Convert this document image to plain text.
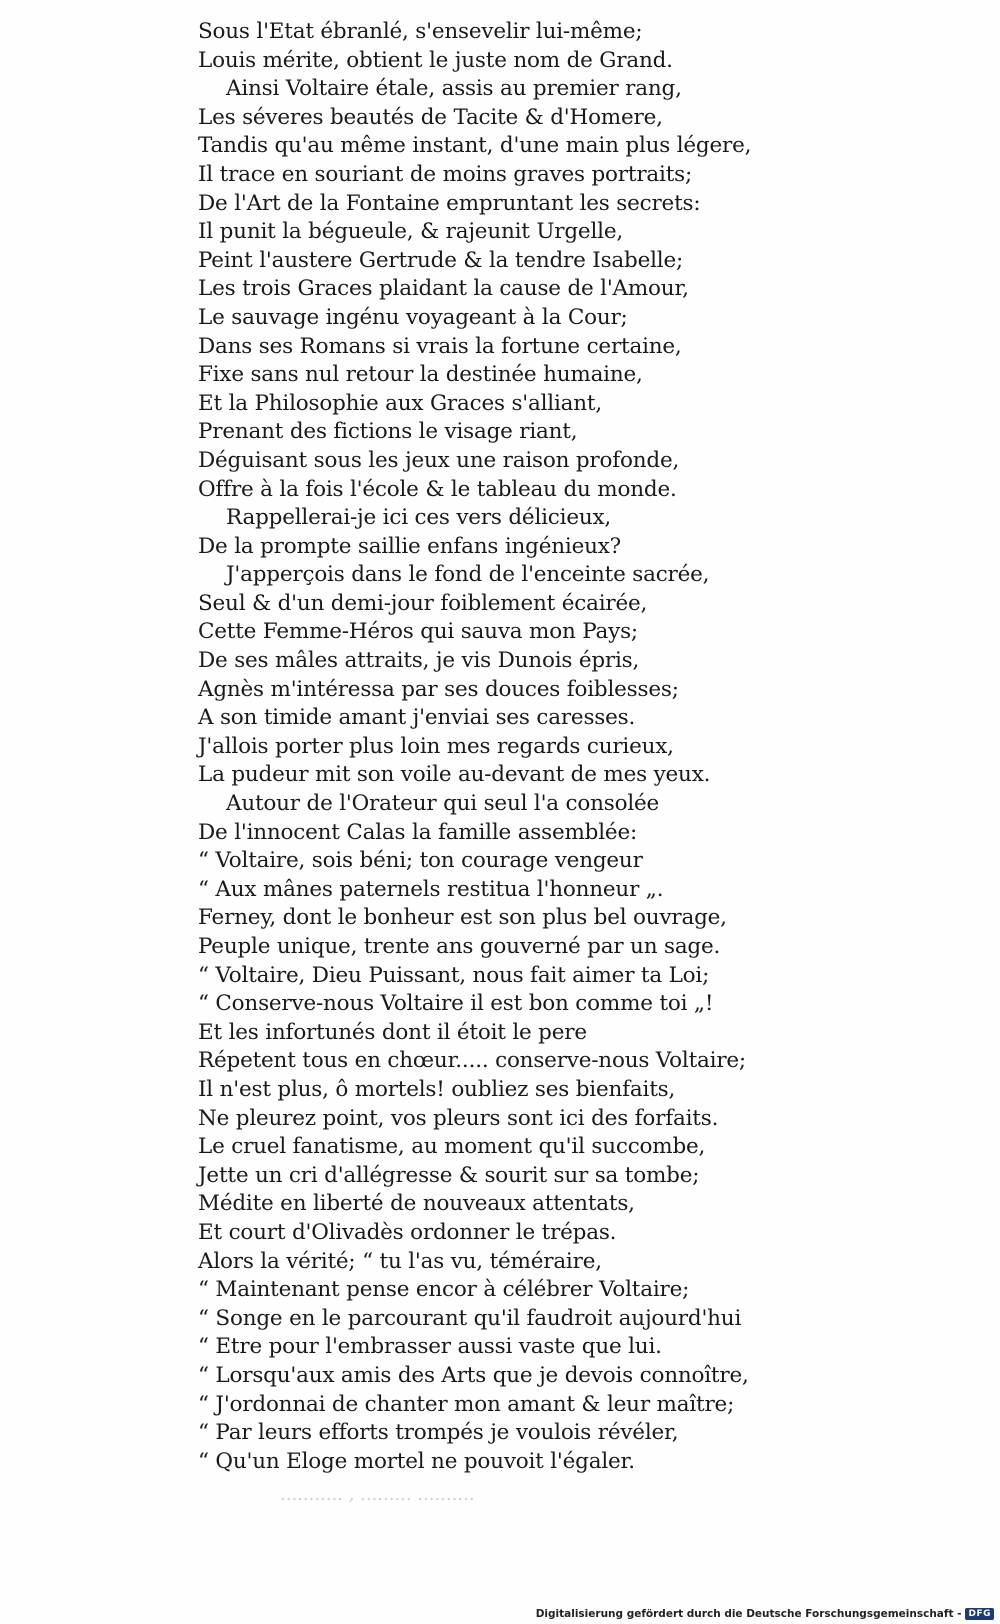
Sous l'Etat ébranlé, s'ensevelir lui-même;
Louis mérite, obtient le juste nom de Grand.
Ainsi Voltaire étale, assis au premier rang,
Les séveres beautés de Tacite & d'Homere,
Tandis qu'au même instant, d'une main plus légere,
Il trace en souriant de moins graves portraits;
De l'Art de la Fontaine empruntant les secrets:
Il punit la bégueule, & rajeunit Urgelle,
Peint l'austere Gertrude & la tendre Isabelle;
Les trois Graces plaidant la cause de l'Amour,
Le sauvage ingénu voyageant à la Cour;
Dans ses Romans si vrais la fortune certaine,
Fixe sans nul retour la destinée humaine,
Et la Philosophie aux Graces s'alliant,
Prenant des fictions le visage riant,
Déguisant sous les jeux une raison profonde,
Offre à la fois l'école & le tableau du monde.
Rappellerai-je ici ces vers délicieux,
De la prompte saillie enfans ingénieux?
J'apperçois dans le fond de l'enceinte sacrée,
Seul & d'un demi-jour foiblement écairée,
Cette Femme-Héros qui sauva mon Pays;
De ses mâles attraits, je vis Dunois épris,
Agnès m'intéressa par ses douces foiblesses;
A son timide amant j'enviai ses caresses.
J'allois porter plus loin mes regards curieux,
La pudeur mit son voile au-devant de mes yeux.
Autour de l'Orateur qui seul l'a consolée
De l'innocent Calas la famille assemblée:
“ Voltaire, sois béni; ton courage vengeur
“ Aux mânes paternels restitua l'honneur „.
Ferney, dont le bonheur est son plus bel ouvrage,
Peuple unique, trente ans gouverné par un sage.
“ Voltaire, Dieu Puissant, nous fait aimer ta Loi;
“ Conserve-nous Voltaire il est bon comme toi „!
Et les infortunés dont il étoit le pere
Répetent tous en chœur..... conserve-nous Voltaire;
Il n'est plus, ô mortels! oubliez ses bienfaits,
Ne pleurez point, vos pleurs sont ici des forfaits.
Le cruel fanatisme, au moment qu'il succombe,
Jette un cri d'allégresse & sourit sur sa tombe;
Médite en liberté de nouveaux attentats,
Et court d'Olivadès ordonner le trépas.
Alors la vérité; “ tu l'as vu, téméraire,
“ Maintenant pense encor à célébrer Voltaire;
“ Songe en le parcourant qu'il faudroit aujourd'hui
“ Etre pour l'embrasser aussi vaste que lui.
“ Lorsqu'aux amis des Arts que je devois connoître,
“ J'ordonnai de chanter mon amant & leur maître;
“ Par leurs efforts trompés je voulois révéler,
“ Qu'un Eloge mortel ne pouvoit l'égaler.
........... , ......... ..........
Digitalisierung gefördert durch die Deutsche Forschungsgemeinschaft - DFG
